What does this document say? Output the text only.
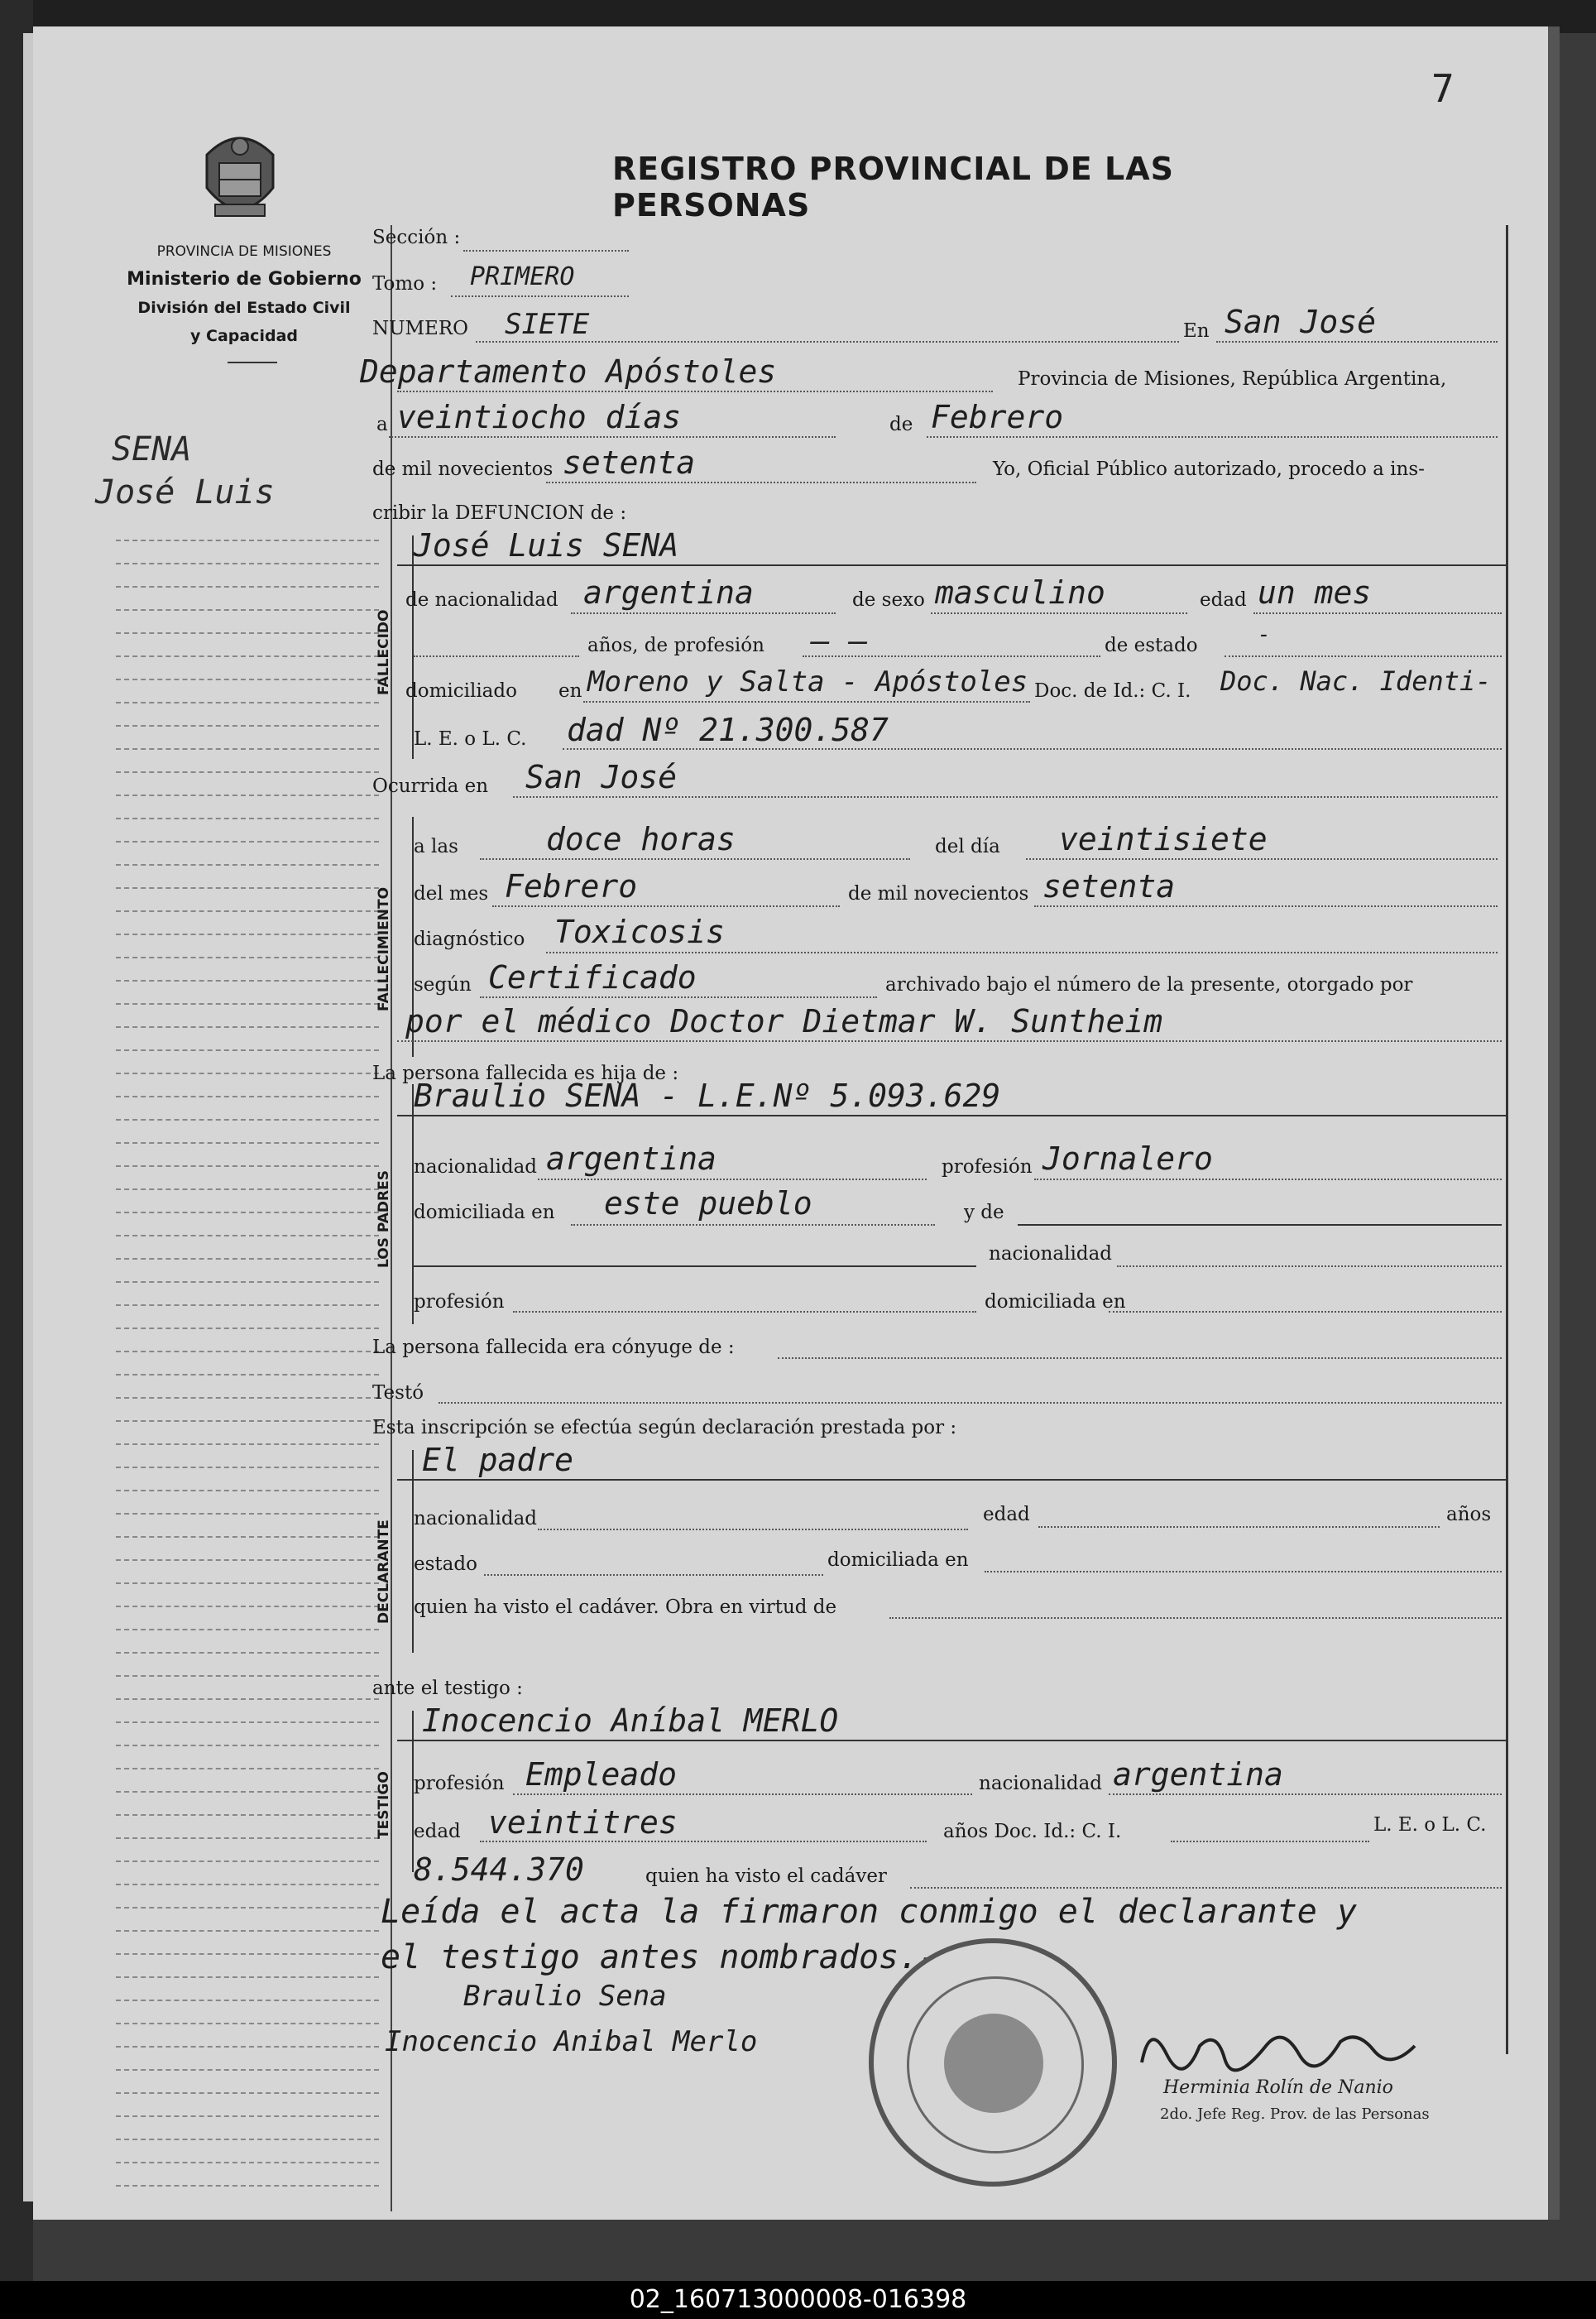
7
REGISTRO PROVINCIAL DE LAS PERSONAS
PROVINCIA DE MISIONES
Ministerio de Gobierno
División del Estado Civil
y Capacidad
SENA
José Luis
Sección :
Tomo : PRIMERO
NUMERO SIETE	En San José
Departamento Apóstoles	Provincia de Misiones, República Argentina,
a veintiocho días	de Febrero
de mil novecientos setenta	Yo, Oficial Público autorizado, procedo a ins-
cribir la DEFUNCION de :
FALLECIDO
José Luis SENA
de nacionalidad argentina	de sexo masculino	edad un mes
años, de profesión — —	de estado	-
domiciliado en Moreno y Salta - Apóstoles Doc. de Id.: C. I. Doc. Nac. Identi-
L. E. o L. C. dad Nº 21.300.587
Ocurrida en San José
FALLECIMIENTO
a las	doce horas	del día veintisiete
del mes Febrero	de mil novecientos setenta
diagnóstico Toxicosis
según Certificado	archivado bajo el número de la presente, otorgado por
por el médico Doctor Dietmar W. Suntheim
La persona fallecida es hija de :
LOS PADRES
Braulio SENA - L.E.Nº 5.093.629
nacionalidad argentina	profesión Jornalero
domiciliada en este pueblo	y de
nacionalidad
profesión	domiciliada en
La persona fallecida era cónyuge de :
Testó
Esta inscripción se efectúa según declaración prestada por :
DECLARANTE
El padre
nacionalidad	edad	años
estado	domiciliada en
quien ha visto el cadáver. Obra en virtud de
ante el testigo :
TESTIGO
Inocencio Aníbal MERLO
profesión Empleado	nacionalidad argentina
edad veintitres	años Doc. Id.: C. I.	L. E. o L. C.
8.544.370	quien ha visto el cadáver
Leída el acta la firmaron conmigo el declarante y
el testigo antes nombrados.-
Braulio Sena
Inocencio Anibal Merlo
Herminia Rolín de Nanio
2do. Jefe Reg. Prov. de las Personas
02_160713000008-016398
